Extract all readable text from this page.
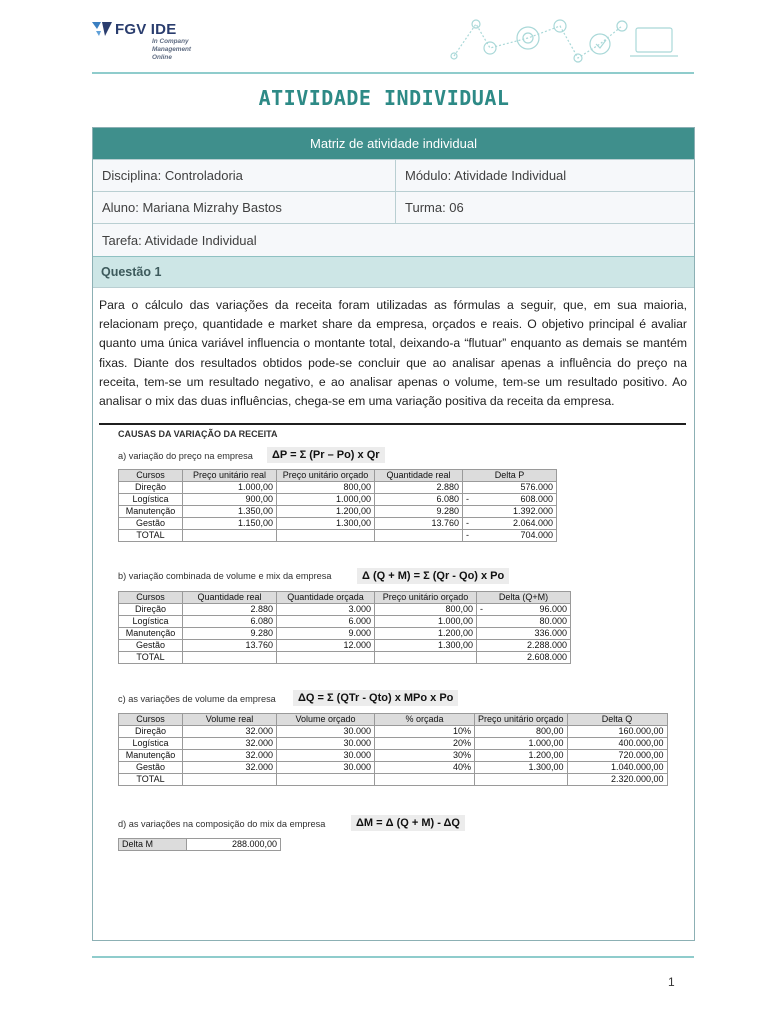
FGV IDE
In Company
Management
Online
ATIVIDADE INDIVIDUAL
Matriz de atividade individual
Disciplina: Controladoria	Módulo: Atividade Individual
Aluno: Mariana Mizrahy Bastos	Turma: 06
Tarefa: Atividade Individual
Questão 1

Para o cálculo das variações da receita foram utilizadas as fórmulas a seguir, que, em sua maioria, relacionam preço, quantidade e market share da empresa, orçados e reais. O objetivo principal é avaliar quanto uma única variável influencia o montante total, deixando-a “flutuar” enquanto as demais se mantém fixas. Diante dos resultados obtidos pode-se concluir que ao analisar apenas a influência do preço na receita, tem-se um resultado negativo, e ao analisar apenas o volume, tem-se um resultado positivo. Ao analisar o mix das duas influências, chega-se em uma variação positiva da receita da empresa.

CAUSAS DA VARIAÇÃO DA RECEITA
a) variação do preço na empresa	ΔP = Σ (Pr – Po) x Qr
Cursos	Preço unitário real	Preço unitário orçado	Quantidade real	Delta P
Direção	1.000,00	800,00	2.880	576.000
Logística	900,00	1.000,00	6.080	- 608.000
Manutenção	1.350,00	1.200,00	9.280	1.392.000
Gestão	1.150,00	1.300,00	13.760	- 2.064.000
TOTAL				- 704.000
b) variação combinada de volume e mix da empresa	Δ (Q + M) = Σ (Qr - Qo) x Po
Cursos	Quantidade real	Quantidade orçada	Preço unitário orçado	Delta (Q+M)
Direção	2.880	3.000	800,00	- 96.000
Logística	6.080	6.000	1.000,00	80.000
Manutenção	9.280	9.000	1.200,00	336.000
Gestão	13.760	12.000	1.300,00	2.288.000
TOTAL				2.608.000
c) as variações de volume da empresa	ΔQ = Σ (QTr - Qto) x MPo x Po
Cursos	Volume real	Volume orçado	% orçada	Preço unitário orçado	Delta Q
Direção	32.000	30.000	10%	800,00	160.000,00
Logística	32.000	30.000	20%	1.000,00	400.000,00
Manutenção	32.000	30.000	30%	1.200,00	720.000,00
Gestão	32.000	30.000	40%	1.300,00	1.040.000,00
TOTAL					2.320.000,00
d) as variações na composição do mix da empresa	ΔM = Δ (Q + M) - ΔQ
Delta M	288.000,00
1
